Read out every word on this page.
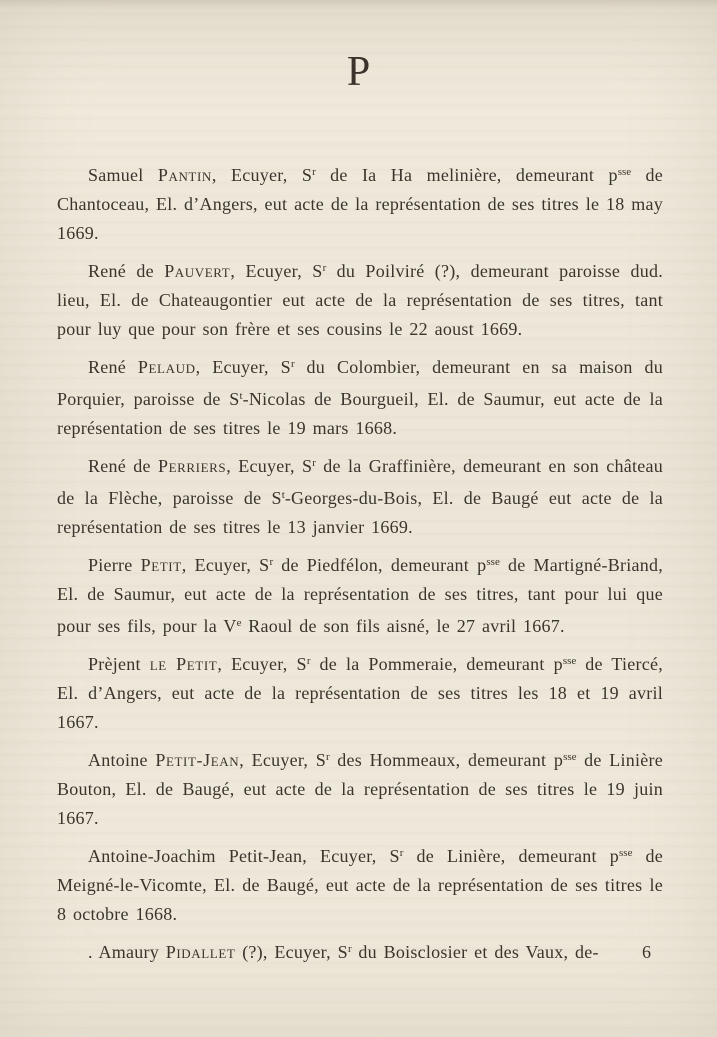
P

Samuel Pantin, Ecuyer, $S^r$ de Ia Ha melinière, demeurant $p^{sse}$ de Chantoceau, El. d’Angers, eut acte de la représentation de ses titres le 18 may 1669.

René de Pauvert, Ecuyer, $S^r$ du Poilviré (?), demeurant paroisse dud. lieu, El. de Chateaugontier eut acte de la représentation de ses titres, tant pour luy que pour son frère et ses cousins le 22 aoust 1669.

René Pelaud, Ecuyer, $S^r$ du Colombier, demeurant en sa maison du Porquier, paroisse de $S^t$-Nicolas de Bourgueil, El. de Saumur, eut acte de la représentation de ses titres le 19 mars 1668.

René de Perriers, Ecuyer, $S^r$ de la Graffinière, demeurant en son château de la Flèche, paroisse de $S^t-Georges-du$-Bois, El. de Baugé eut acte de la représentation de ses titres le 13 janvier 1669.

Pierre Petit, Ecuyer, $S^r$ de Piedfélon, demeurant $p^{sse}$ de Martigné-Briand, El. de Saumur, eut acte de la représentation de ses titres, tant pour lui que pour ses fils, pour la Ve Raoul de son fils aisné, le 27 avril 1667.

Prèjent le Petit, Ecuyer, $S^r$ de la Pommeraie, demeurant $p^{sse}$ de Tiercé, El. d’Angers, eut acte de la représentation de ses titres les 18 et 19 avril 1667.

Antoine Petit-Jean, Ecuyer, $S^r$ des Hommeaux, demeurant $p^{sse}$ de Linière Bouton, El. de Baugé, eut acte de la représentation de ses titres le 19 juin 1667.

Antoine-Joachim Petit-Jean, Ecuyer, $S^r$ de Linière, demeurant $p^{sse}$ de Meigné-le-Vicomte, El. de Baugé, eut acte de la représentation de ses titres le 8 octobre 1668.

. Amaury Pidallet (?), Ecuyer, $S^r$ du Boisclosier et des Vaux, de-	6
